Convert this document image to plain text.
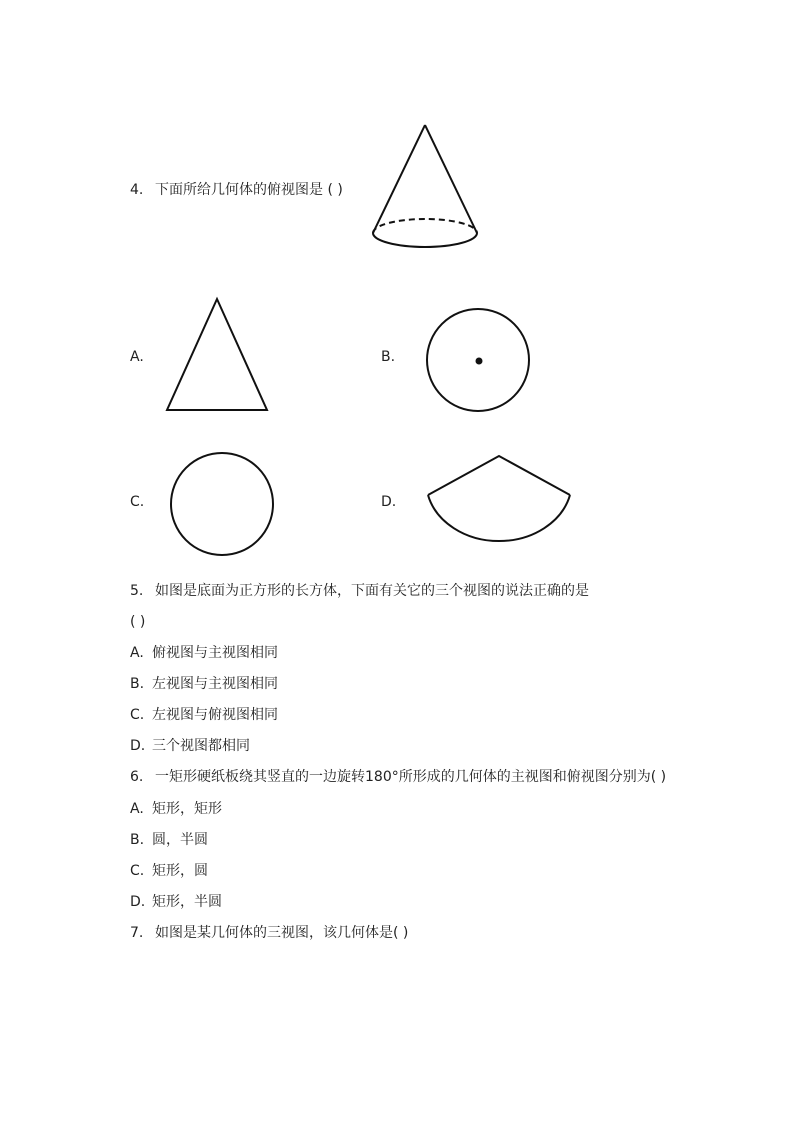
4. 下面所给几何体的俯视图是 ( )
A.	B.
C.	D.
5. 如图是底面为正方形的长方体，下面有关它的三个视图的说法正确的是
( )
A. 俯视图与主视图相同
B. 左视图与主视图相同
C. 左视图与俯视图相同
D. 三个视图都相同
6. 一矩形硬纸板绕其竖直的一边旋转180°所形成的几何体的主视图和俯视图分别为( )
A. 矩形，矩形
B. 圆，半圆
C. 矩形，圆
D. 矩形，半圆
7. 如图是某几何体的三视图，该几何体是( )
